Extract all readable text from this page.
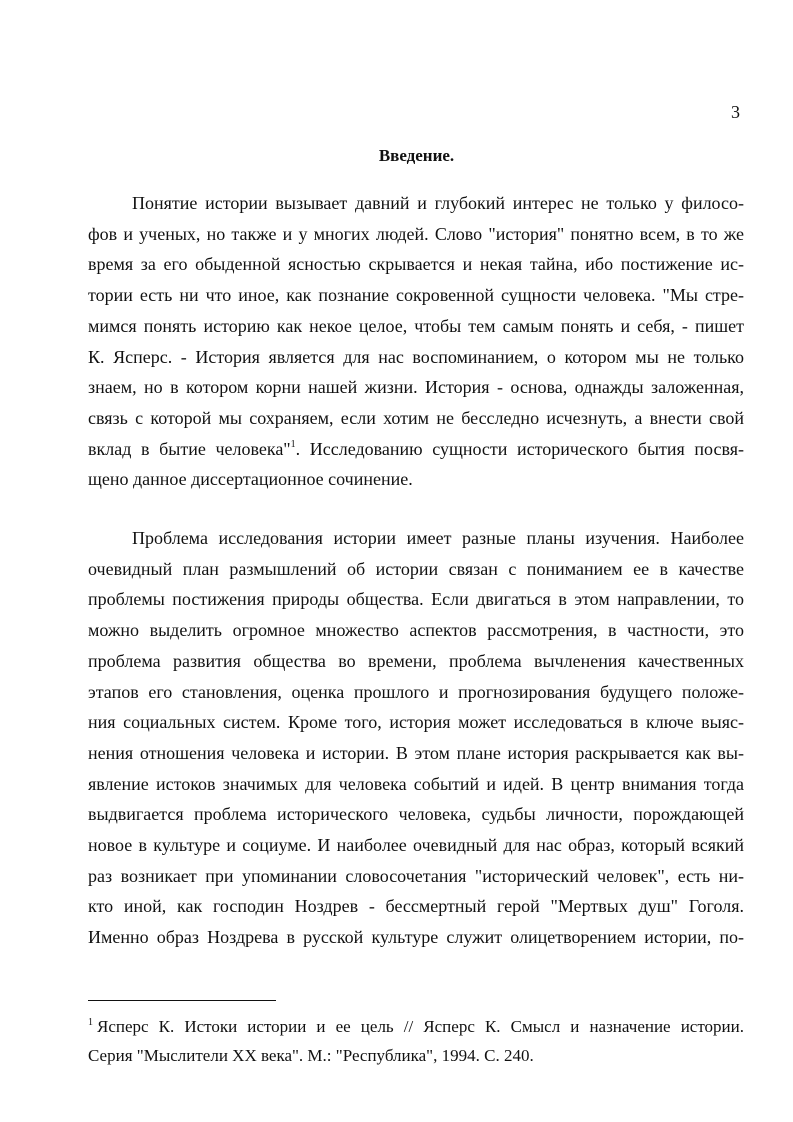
3
Введение.
Понятие истории вызывает давний и глубокий интерес не только у филосо-
фов и ученых, но также и у многих людей. Слово "история" понятно всем, в то же
время за его обыденной ясностью скрывается и некая тайна, ибо постижение ис-
тории есть ни что иное, как познание сокровенной сущности человека. "Мы стре-
мимся понять историю как некое целое, чтобы тем самым понять и себя, - пишет
К. Ясперс. - История является для нас воспоминанием, о котором мы не только
знаем, но в котором корни нашей жизни. История - основа, однажды заложенная,
связь с которой мы сохраняем, если хотим не бесследно исчезнуть, а внести свой
вклад в бытие человека"$^1$. Исследованию сущности исторического бытия посвя-
щено данное диссертационное сочинение.
Проблема исследования истории имеет разные планы изучения. Наиболее
очевидный план размышлений об истории связан с пониманием ее в качестве
проблемы постижения природы общества. Если двигаться в этом направлении, то
можно выделить огромное множество аспектов рассмотрения, в частности, это
проблема развития общества во времени, проблема вычленения качественных
этапов его становления, оценка прошлого и прогнозирования будущего положе-
ния социальных систем. Кроме того, история может исследоваться в ключе выяс-
нения отношения человека и истории. В этом плане история раскрывается как вы-
явление истоков значимых для человека событий и идей. В центр внимания тогда
выдвигается проблема исторического человека, судьбы личности, порождающей
новое в культуре и социуме. И наиболее очевидный для нас образ, который всякий
раз возникает при упоминании словосочетания "исторический человек", есть ни-
кто иной, как господин Ноздрев - бессмертный герой "Мертвых душ" Гоголя.
Именно образ Ноздрева в русской культуре служит олицетворением истории, по-
$^1$ Ясперс К. Истоки истории и ее цель // Ясперс К. Смысл и назначение истории.
Серия "Мыслители XX века". М.: "Республика", 1994. С. 240.
